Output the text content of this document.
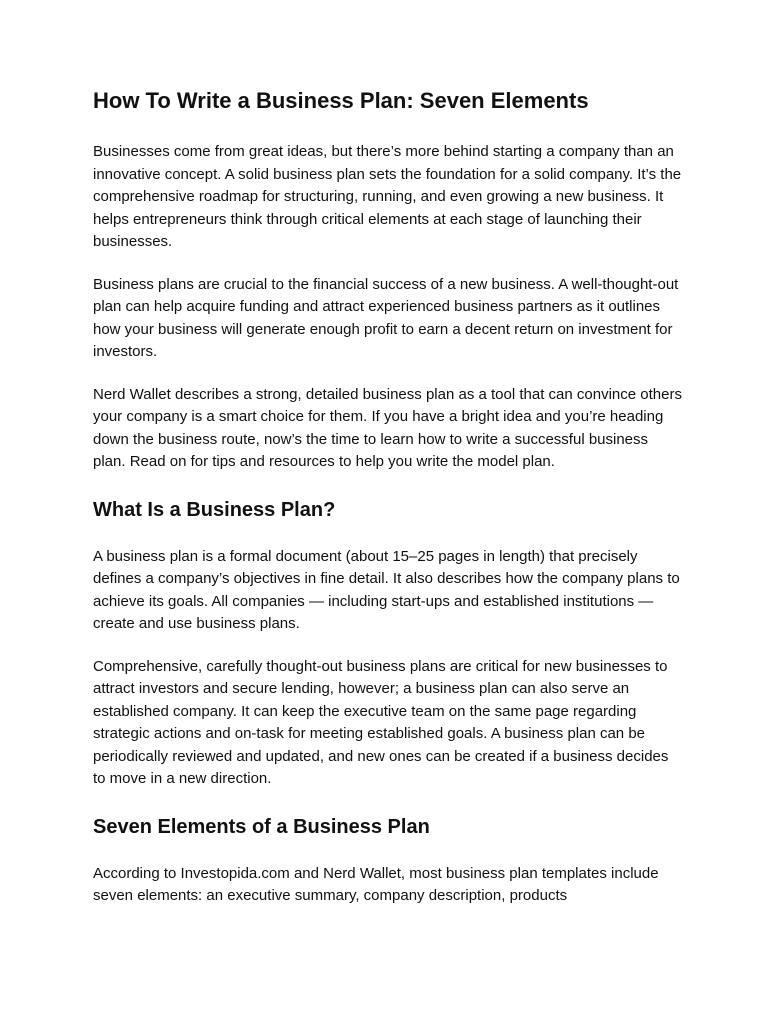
How To Write a Business Plan: Seven Elements

Businesses come from great ideas, but there’s more behind starting a company than an innovative concept. A solid business plan sets the foundation for a solid company. It’s the comprehensive roadmap for structuring, running, and even growing a new business. It helps entrepreneurs think through critical elements at each stage of launching their businesses.

Business plans are crucial to the financial success of a new business. A well-thought-out plan can help acquire funding and attract experienced business partners as it outlines how your business will generate enough profit to earn a decent return on investment for investors.

Nerd Wallet describes a strong, detailed business plan as a tool that can convince others your company is a smart choice for them. If you have a bright idea and you’re heading down the business route, now’s the time to learn how to write a successful business plan. Read on for tips and resources to help you write the model plan.

What Is a Business Plan?

A business plan is a formal document (about 15–25 pages in length) that precisely defines a company’s objectives in fine detail. It also describes how the company plans to achieve its goals. All companies — including start-ups and established institutions — create and use business plans.

Comprehensive, carefully thought-out business plans are critical for new businesses to attract investors and secure lending, however; a business plan can also serve an established company. It can keep the executive team on the same page regarding strategic actions and on-task for meeting established goals. A business plan can be periodically reviewed and updated, and new ones can be created if a business decides to move in a new direction.

Seven Elements of a Business Plan

According to Investopida.com and Nerd Wallet, most business plan templates include seven elements: an executive summary, company description, products
